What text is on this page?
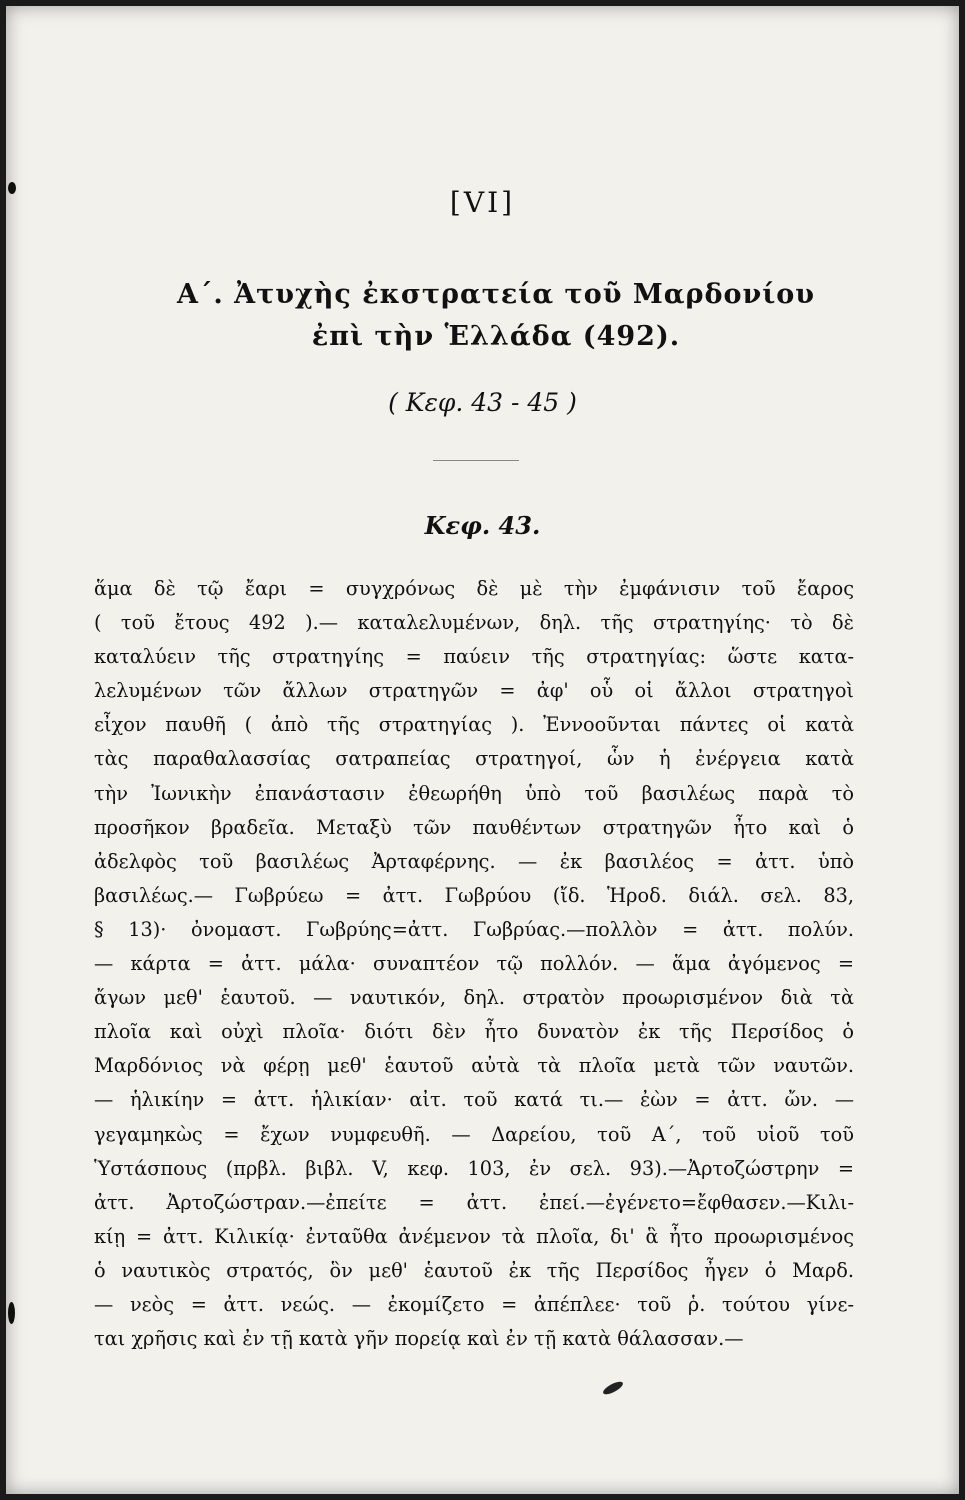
[VI]
Α΄. Ἀτυχὴς ἐκστρατεία τοῦ Μαρδονίου
ἐπὶ τὴν Ἑλλάδα (492).
( Κεφ. 43 - 45 )
Κεφ. 43.
ἅμα δὲ τῷ ἔαρι = συγχρόνως δὲ μὲ τὴν ἐμφάνισιν τοῦ ἔαρος
( τοῦ ἔτους 492 ).— καταλελυμένων, δηλ. τῆς στρατηγίης· τὸ δὲ
καταλύειν τῆς στρατηγίης = παύειν τῆς στρατηγίας: ὥστε κατα-
λελυμένων τῶν ἄλλων στρατηγῶν = ἀφ' οὗ οἱ ἄλλοι στρατηγοὶ
εἶχον παυθῆ ( ἀπὸ τῆς στρατηγίας ). Ἐννοοῦνται πάντες οἱ κατὰ
τὰς παραθαλασσίας σατραπείας στρατηγοί, ὧν ἡ ἐνέργεια κατὰ
τὴν Ἰωνικὴν ἐπανάστασιν ἐθεωρήθη ὑπὸ τοῦ βασιλέως παρὰ τὸ
προσῆκον βραδεῖα. Μεταξὺ τῶν παυθέντων στρατηγῶν ἦτο καὶ ὁ
ἀδελφὸς τοῦ βασιλέως Ἀρταφέρνης. — ἐκ βασιλέος = ἀττ. ὑπὸ
βασιλέως.— Γωβρύεω = ἀττ. Γωβρύου (ἴδ. Ἡροδ. διάλ. σελ. 83,
§ 13)· ὀνομαστ. Γωβρύης=ἀττ. Γωβρύας.—πολλὸν = ἀττ. πολύν.
— κάρτα = ἀττ. μάλα· συναπτέον τῷ πολλόν. — ἅμα ἀγόμενος =
ἄγων μεθ' ἑαυτοῦ. — ναυτικόν, δηλ. στρατὸν προωρισμένον διὰ τὰ
πλοῖα καὶ οὐχὶ πλοῖα· διότι δὲν ἦτο δυνατὸν ἐκ τῆς Περσίδος ὁ
Μαρδόνιος νὰ φέρῃ μεθ' ἑαυτοῦ αὐτὰ τὰ πλοῖα μετὰ τῶν ναυτῶν.
— ἡλικίην = ἀττ. ἡλικίαν· αἰτ. τοῦ κατά τι.— ἐὼν = ἀττ. ὤν. —
γεγαμηκὼς = ἔχων νυμφευθῆ. — Δαρείου, τοῦ Α΄, τοῦ υἱοῦ τοῦ
Ὑστάσπους (πρβλ. βιβλ. V, κεφ. 103, ἐν σελ. 93).—Ἀρτοζώστρην =
ἀττ. Ἀρτοζώστραν.—ἐπείτε = ἀττ. ἐπεί.—ἐγένετο=ἔφθασεν.—Κιλι-
κίῃ = ἀττ. Κιλικίᾳ· ἐνταῦθα ἀνέμενον τὰ πλοῖα, δι' ἃ ἦτο προωρισμένος
ὁ ναυτικὸς στρατός, ὃν μεθ' ἑαυτοῦ ἐκ τῆς Περσίδος ἦγεν ὁ Μαρδ.
— νεὸς = ἀττ. νεώς. — ἐκομίζετο = ἀπέπλεε· τοῦ ῥ. τούτου γίνε-
ται χρῆσις καὶ ἐν τῇ κατὰ γῆν πορείᾳ καὶ ἐν τῇ κατὰ θάλασσαν.—
